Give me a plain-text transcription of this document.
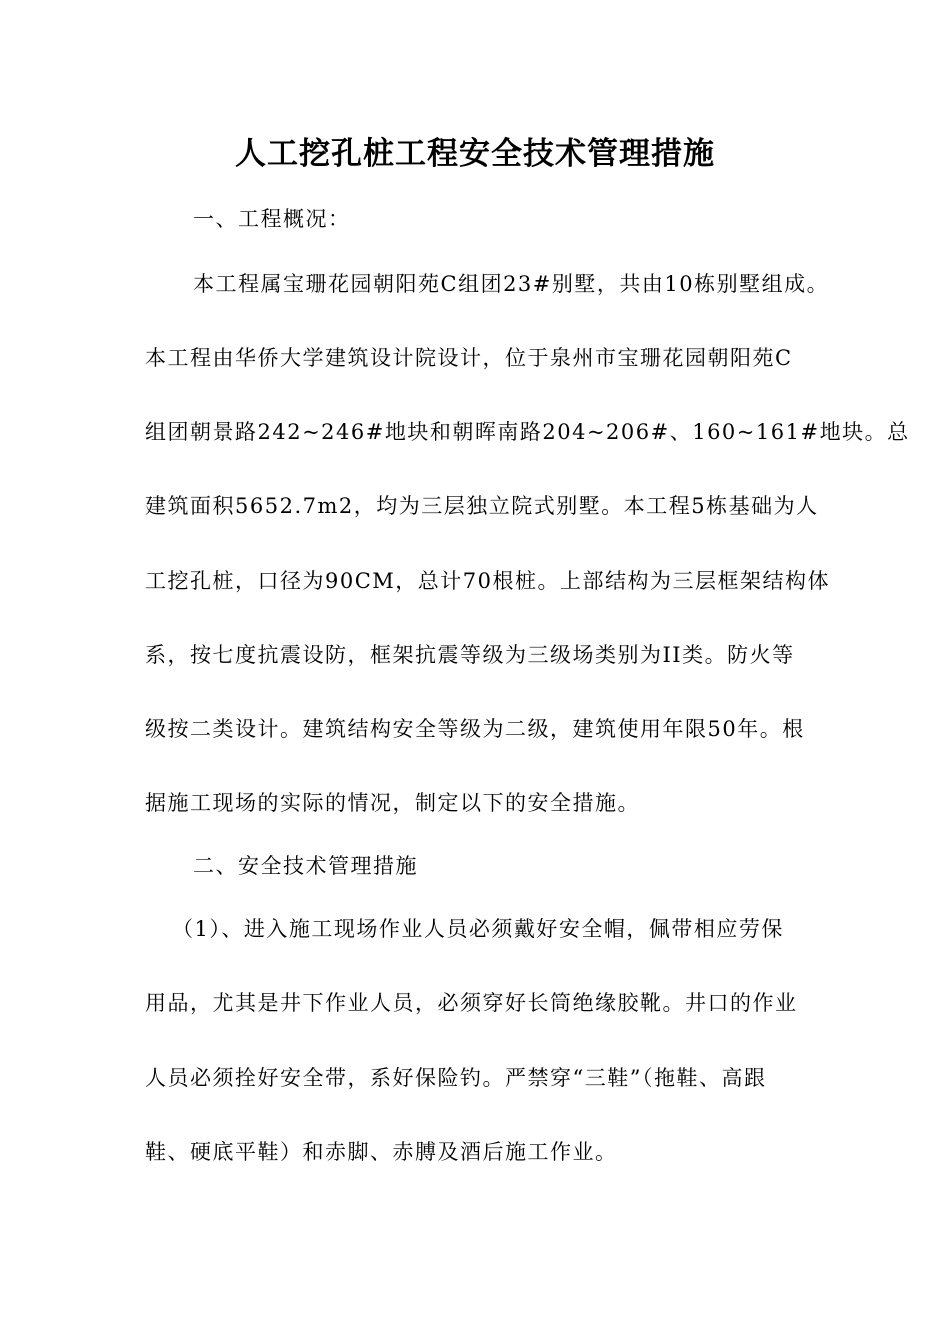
人工挖孔桩工程安全技术管理措施
一、工程概况：
本工程属宝珊花园朝阳苑C组团23#别墅，共由10栋别墅组成。
本工程由华侨大学建筑设计院设计，位于泉州市宝珊花园朝阳苑C
组团朝景路242~246#地块和朝晖南路204~206#、160~161#地块。总
建筑面积5652.7m2，均为三层独立院式别墅。本工程5栋基础为人
工挖孔桩，口径为90CM，总计70根桩。上部结构为三层框架结构体
系，按七度抗震设防，框架抗震等级为三级场类别为II类。防火等
级按二类设计。建筑结构安全等级为二级，建筑使用年限50年。根
据施工现场的实际的情况，制定以下的安全措施。
二、安全技术管理措施
（1）、进入施工现场作业人员必须戴好安全帽，佩带相应劳保
用品，尤其是井下作业人员，必须穿好长筒绝缘胶靴。井口的作业
人员必须拴好安全带，系好保险钓。严禁穿“三鞋”（拖鞋、高跟
鞋、硬底平鞋）和赤脚、赤膊及酒后施工作业。
